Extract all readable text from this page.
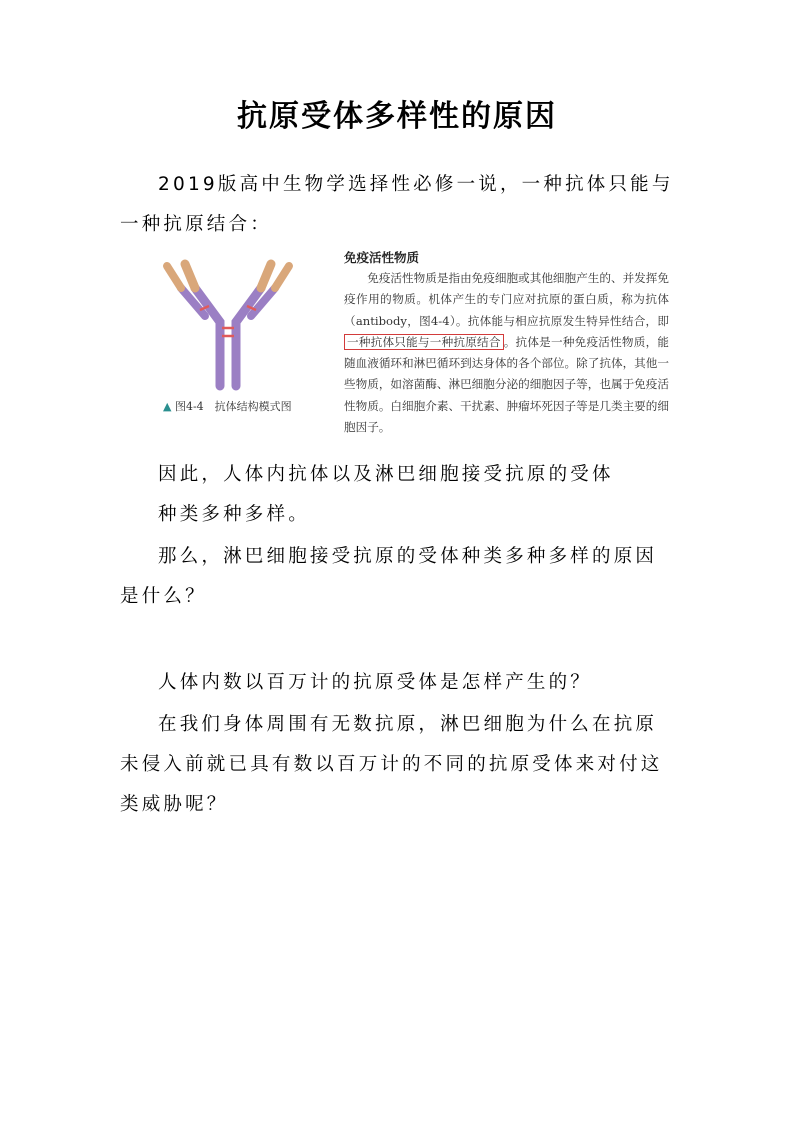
抗原受体多样性的原因

2019版高中生物学选择性必修一说，一种抗体只能与一种抗原结合：

▲ 图4-4　抗体结构模式图
免疫活性物质

　　免疫活性物质是指由免疫细胞或其他细胞产生的、并发挥免疫作用的物质。机体产生的专门应对抗原的蛋白质，称为抗体（antibody，图4-4）。抗体能与相应抗原发生特异性结合，即一种抗体只能与一种抗原结合 。抗体是一种免疫活性物质，能随血液循环和淋巴循环到达身体的各个部位。除了抗体，其他一些物质，如溶菌酶、淋巴细胞分泌的细胞因子等，也属于免疫活性物质。白细胞介素、干扰素、肿瘤坏死因子等是几类主要的细胞因子。

因此，人体内抗体以及淋巴细胞接受抗原的受体
种类多种多样。

那么，淋巴细胞接受抗原的受体种类多种多样的原因是什么？

人体内数以百万计的抗原受体是怎样产生的？

在我们身体周围有无数抗原，淋巴细胞为什么在抗原未侵入前就已具有数以百万计的不同的抗原受体来对付这类威胁呢？
